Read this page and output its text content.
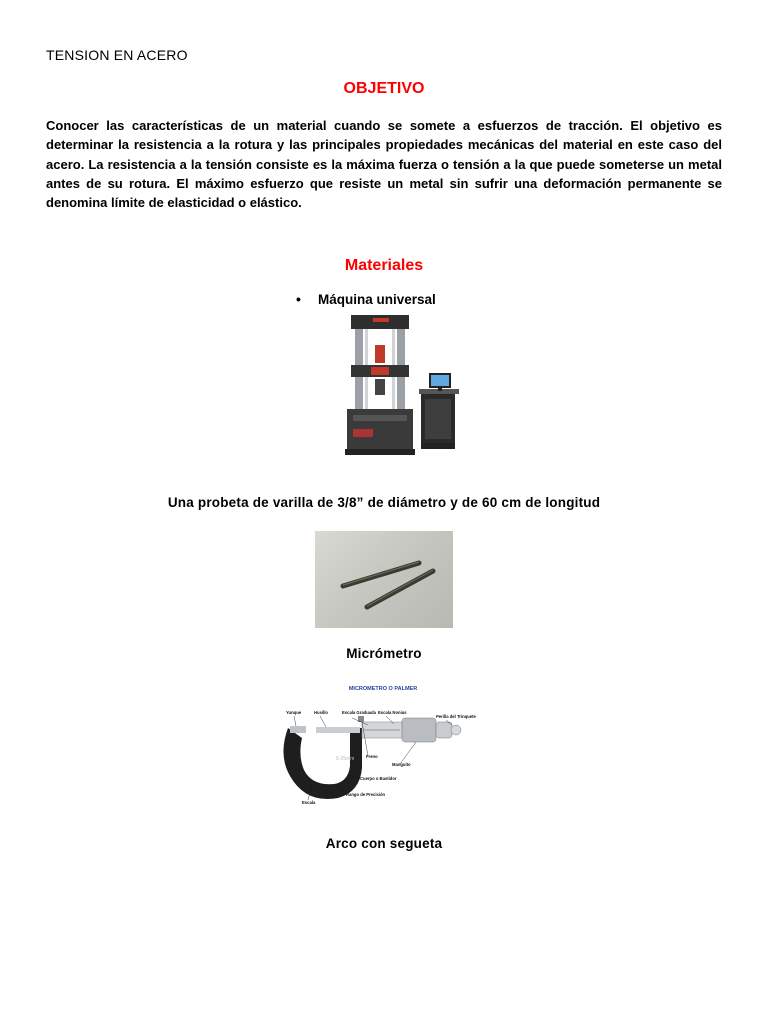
TENSION EN ACERO
OBJETIVO
Conocer las características de un material cuando se somete a esfuerzos de tracción. El objetivo es determinar la resistencia a la rotura y las principales propiedades mecánicas del material en este caso del acero. La resistencia a la tensión consiste es la máxima fuerza o tensión a la que puede someterse un metal antes de su rotura. El máximo esfuerzo que resiste un metal sin sufrir una deformación permanente se denomina límite de elasticidad o elástico.
Materiales
• Máquina universal
Una probeta de varilla de 3/8” de diámetro y de 60 cm de longitud
Micrómetro
MICROMETRO O PALMER
0-25mm
Yunque	Husillo	Escala Graduada Escala Nonius
Perilla del Trinquete
Freno
Manguito
Cuerpo o Bastidor
Rango de Precisión
Escala
Arco con segueta
